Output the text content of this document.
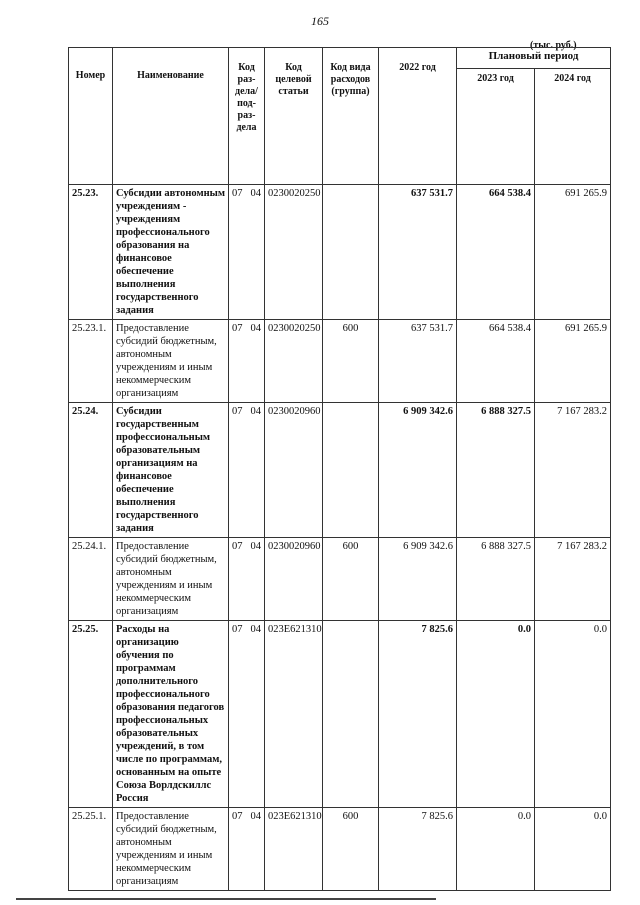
165
(тыс. руб.)
Номер	Наименование	Код раз-дела/ под-раз-дела	Код целевой статьи	Код вида расходов (группа)	2022 год	Плановый период	
						2023 год	2024 год
25.23.	Субсидии автономным учреждениям - учреждениям профессионального образования на финансовое обеспечение выполнения государственного задания	07 04	0230020250		637 531.7	664 538.4	691 265.9
25.23.1.	Предоставление субсидий бюджетным, автономным учреждениям и иным некоммерческим организациям	07 04	0230020250	600	637 531.7	664 538.4	691 265.9
25.24.	Субсидии государственным профессиональным образовательным организациям на финансовое обеспечение выполнения государственного задания	07 04	0230020960		6 909 342.6	6 888 327.5	7 167 283.2
25.24.1.	Предоставление субсидий бюджетным, автономным учреждениям и иным некоммерческим организациям	07 04	0230020960	600	6 909 342.6	6 888 327.5	7 167 283.2
25.25.	Расходы на организацию обучения по программам дополнительного профессионального образования педагогов профессиональных образовательных учреждений, в том числе по программам, основанным на опыте Союза Ворлдскиллс Россия	07 04	023E621310		7 825.6	0.0	0.0
25.25.1.	Предоставление субсидий бюджетным, автономным учреждениям и иным некоммерческим организациям	07 04	023E621310	600	7 825.6	0.0	0.0
